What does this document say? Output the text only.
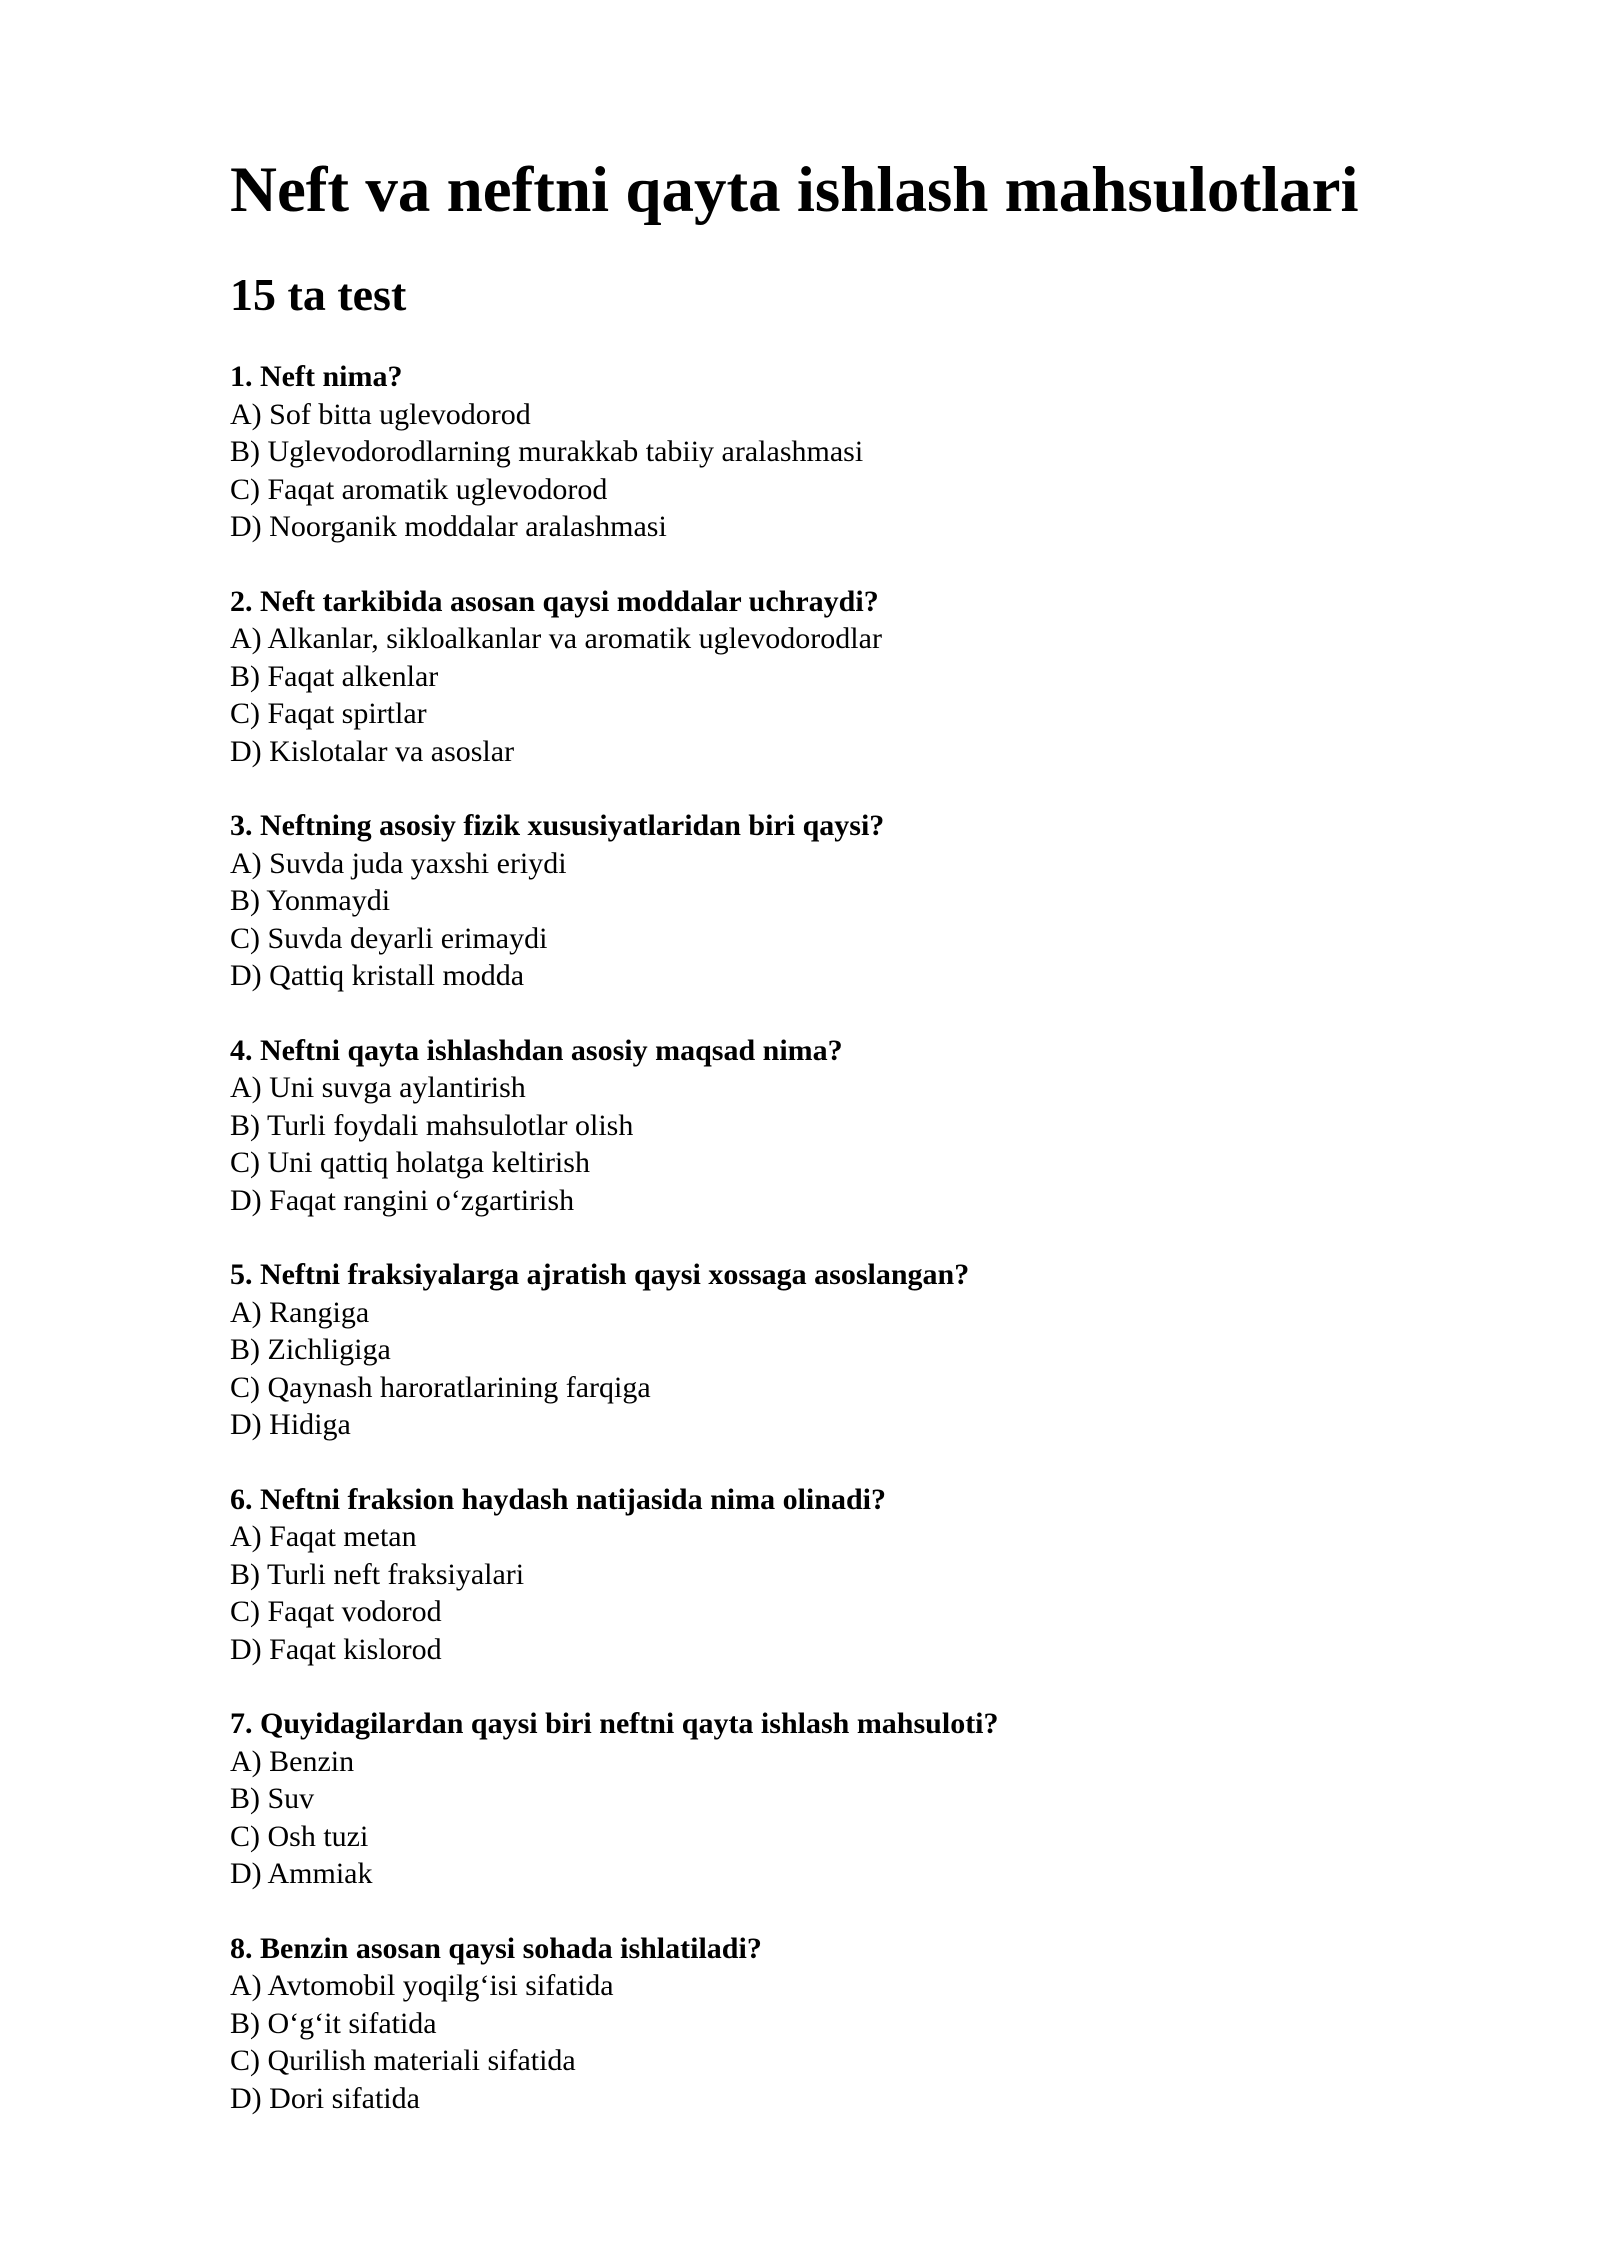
Neft va neftni qayta ishlash mahsulotlari
15 ta test
1. Neft nima?
A) Sof bitta uglevodorod
B) Uglevodorodlarning murakkab tabiiy aralashmasi
C) Faqat aromatik uglevodorod
D) Noorganik moddalar aralashmasi
2. Neft tarkibida asosan qaysi moddalar uchraydi?
A) Alkanlar, sikloalkanlar va aromatik uglevodorodlar
B) Faqat alkenlar
C) Faqat spirtlar
D) Kislotalar va asoslar
3. Neftning asosiy fizik xususiyatlaridan biri qaysi?
A) Suvda juda yaxshi eriydi
B) Yonmaydi
C) Suvda deyarli erimaydi
D) Qattiq kristall modda
4. Neftni qayta ishlashdan asosiy maqsad nima?
A) Uni suvga aylantirish
B) Turli foydali mahsulotlar olish
C) Uni qattiq holatga keltirish
D) Faqat rangini o‘zgartirish
5. Neftni fraksiyalarga ajratish qaysi xossaga asoslangan?
A) Rangiga
B) Zichligiga
C) Qaynash haroratlarining farqiga
D) Hidiga
6. Neftni fraksion haydash natijasida nima olinadi?
A) Faqat metan
B) Turli neft fraksiyalari
C) Faqat vodorod
D) Faqat kislorod
7. Quyidagilardan qaysi biri neftni qayta ishlash mahsuloti?
A) Benzin
B) Suv
C) Osh tuzi
D) Ammiak
8. Benzin asosan qaysi sohada ishlatiladi?
A) Avtomobil yoqilg‘isi sifatida
B) O‘g‘it sifatida
C) Qurilish materiali sifatida
D) Dori sifatida
